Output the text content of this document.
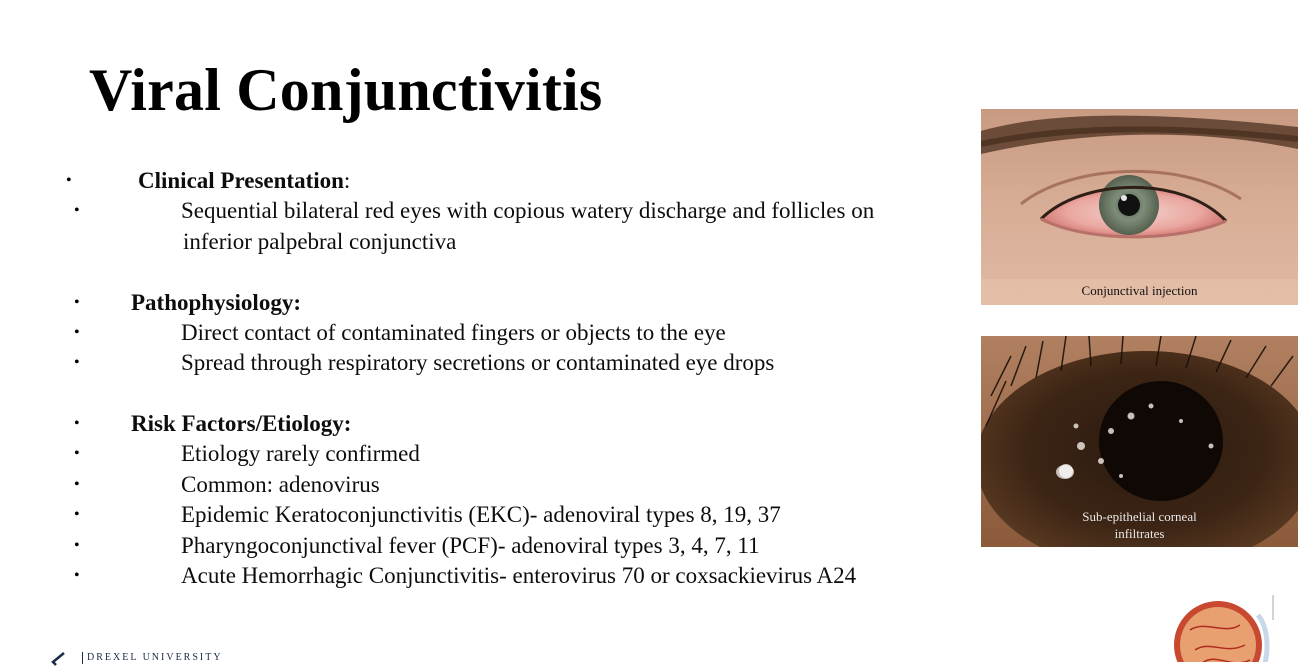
Viral Conjunctivitis
•	Clinical Presentation:
•	Sequential bilateral red eyes with copious watery discharge and follicles on
inferior palpebral conjunctiva
• Pathophysiology:
•	Direct contact of contaminated fingers or objects to the eye
•	Spread through respiratory secretions or contaminated eye drops
• Risk Factors/Etiology:
•	Etiology rarely confirmed
•	Common: adenovirus
•	Epidemic Keratoconjunctivitis (EKC)- adenoviral types 8, 19, 37
•	Pharyngoconjunctival fever (PCF)- adenoviral types 3, 4, 7, 11
•	Acute Hemorrhagic Conjunctivitis- enterovirus 70 or coxsackievirus A24
Conjunctival injection
Sub-epithelial corneal
infiltrates
DREXEL UNIVERSITY
